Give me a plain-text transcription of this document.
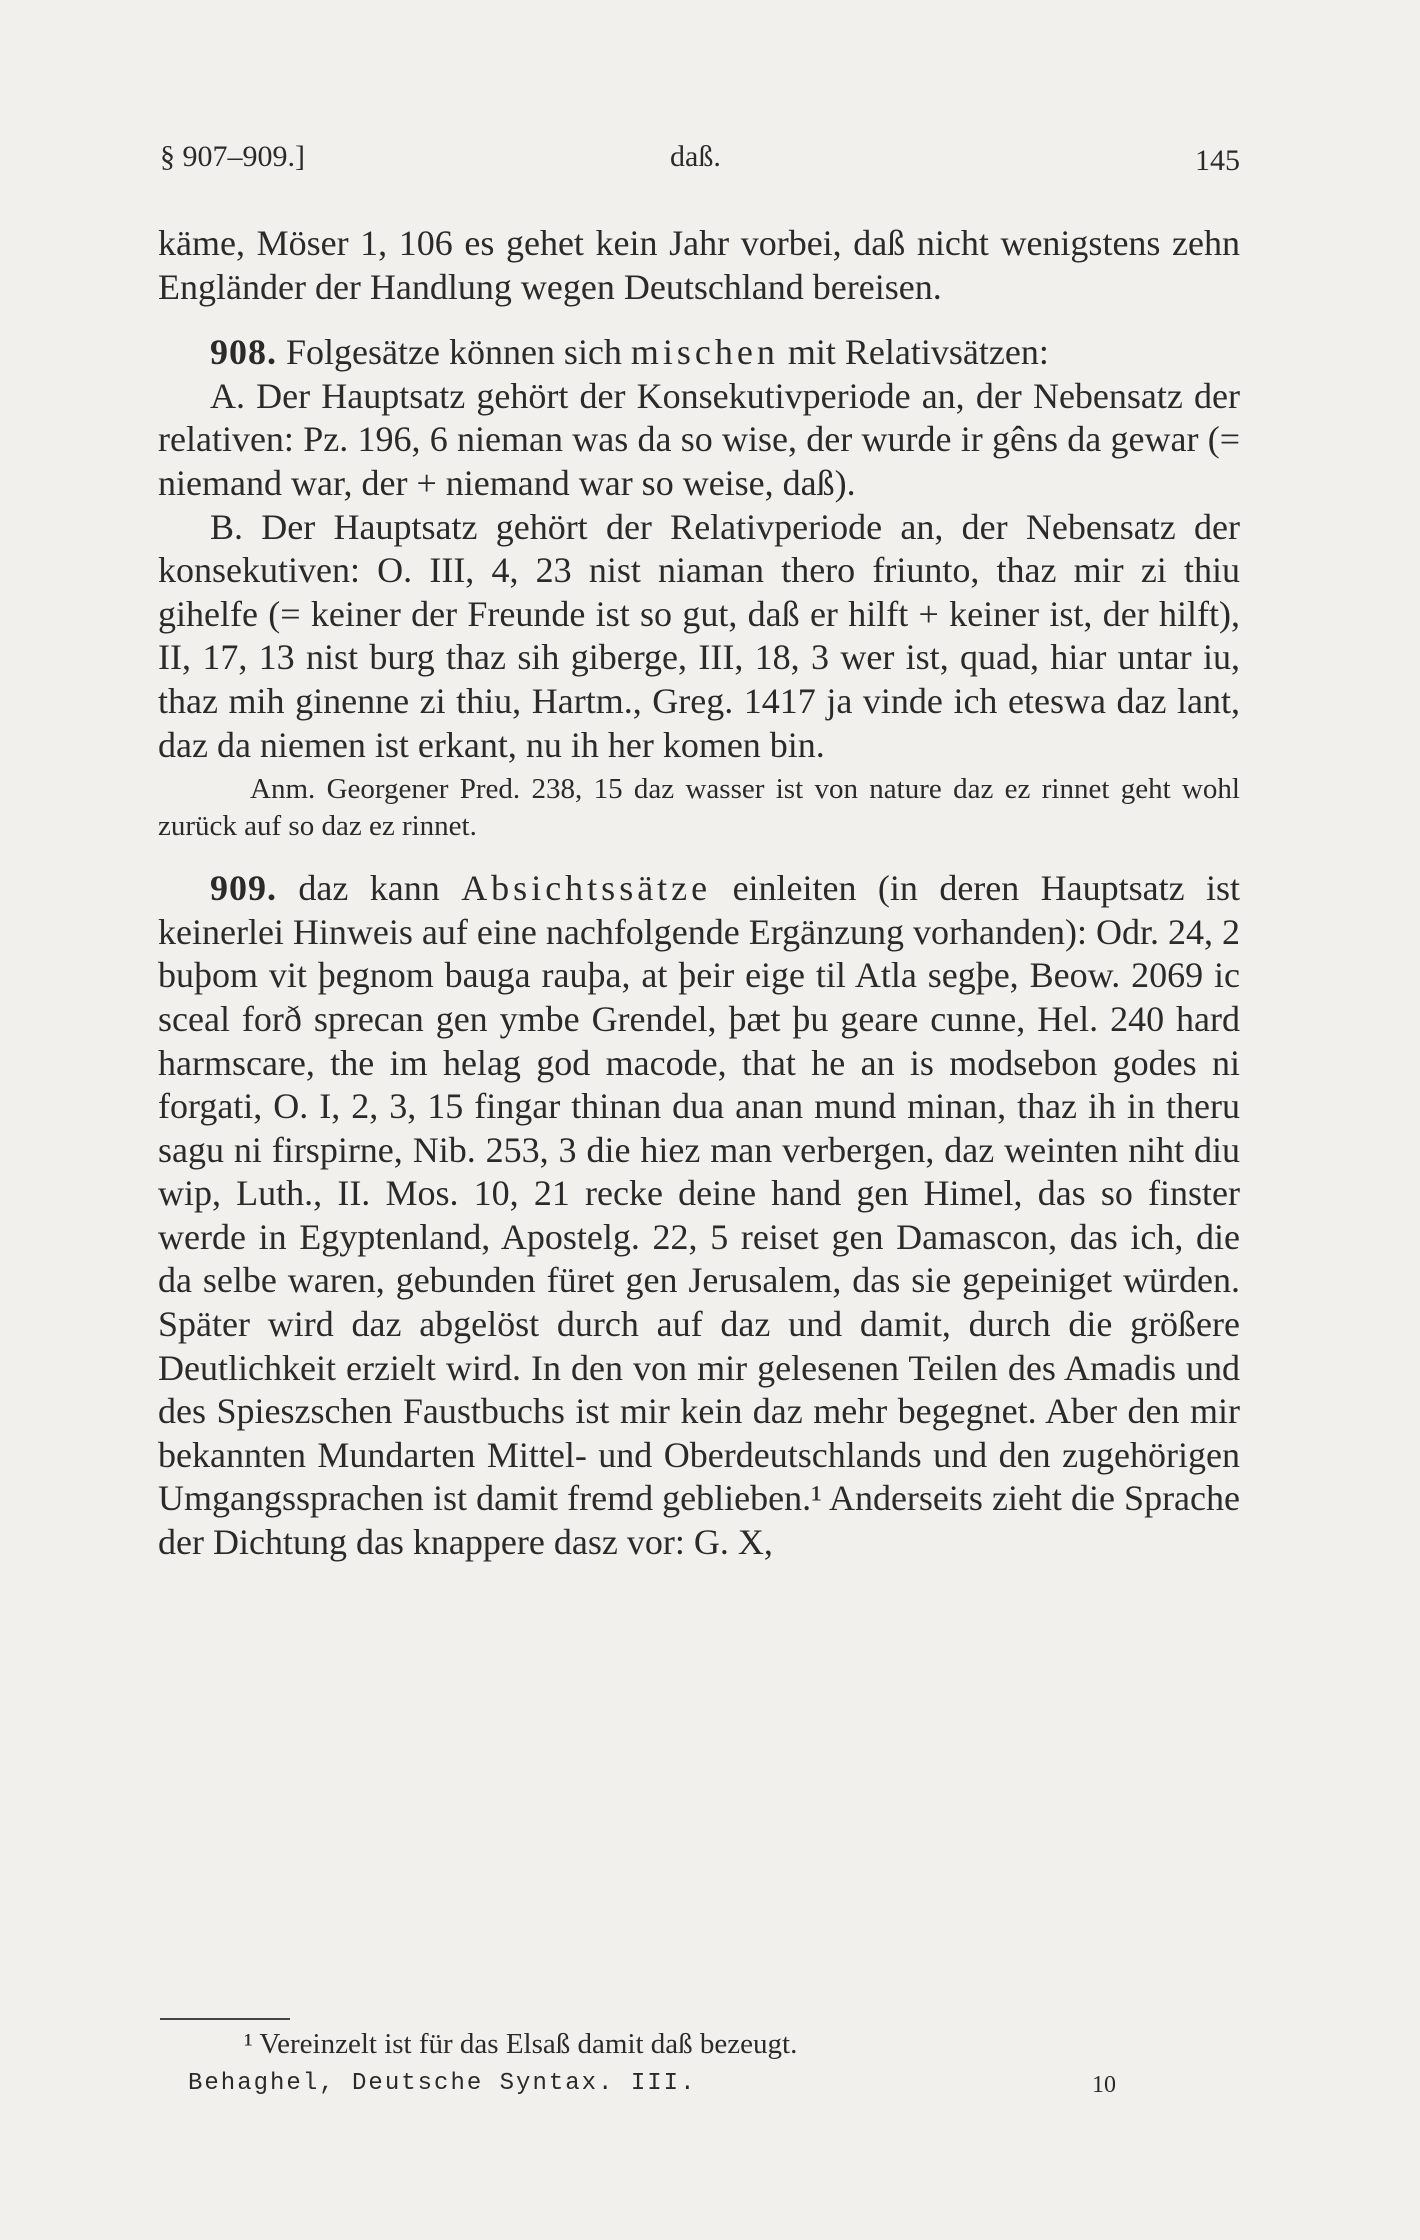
§ 907–909.]	daß.	145

käme, Möser 1, 106 es gehet kein Jahr vorbei, daß nicht wenigstens zehn Engländer der Handlung wegen Deutschland bereisen.

908. Folgesätze können sich mischen mit Relativsätzen:

A. Der Hauptsatz gehört der Konsekutivperiode an, der Nebensatz der relativen: Pz. 196, 6 nieman was da so wise, der wurde ir gêns da gewar (= niemand war, der + niemand war so weise, daß).

B. Der Hauptsatz gehört der Relativperiode an, der Nebensatz der konsekutiven: O. III, 4, 23 nist niaman thero friunto, thaz mir zi thiu gihelfe (= keiner der Freunde ist so gut, daß er hilft + keiner ist, der hilft), II, 17, 13 nist burg thaz sih giberge, III, 18, 3 wer ist, quad, hiar untar iu, thaz mih ginenne zi thiu, Hartm., Greg. 1417 ja vinde ich eteswa daz lant, daz da niemen ist erkant, nu ih her komen bin.

Anm. Georgener Pred. 238, 15 daz wasser ist von nature daz ez rinnet geht wohl zurück auf so daz ez rinnet.

909. daz kann Absichtssätze einleiten (in deren Hauptsatz ist keinerlei Hinweis auf eine nachfolgende Ergänzung vorhanden): Odr. 24, 2 buþom vit þegnom bauga rauþa, at þeir eige til Atla segþe, Beow. 2069 ic sceal forð sprecan gen ymbe Grendel, þæt þu geare cunne, Hel. 240 hard harmscare, the im helag god macode, that he an is modsebon godes ni forgati, O. I, 2, 3, 15 fingar thinan dua anan mund minan, thaz ih in theru sagu ni firspirne, Nib. 253, 3 die hiez man verbergen, daz weinten niht diu wip, Luth., II. Mos. 10, 21 recke deine hand gen Himel, das so finster werde in Egyptenland, Apostelg. 22, 5 reiset gen Damascon, das ich, die da selbe waren, gebunden füret gen Jerusalem, das sie gepeiniget würden. Später wird daz abgelöst durch auf daz und damit, durch die größere Deutlichkeit erzielt wird. In den von mir gelesenen Teilen des Amadis und des Spieszschen Faustbuchs ist mir kein daz mehr begegnet. Aber den mir bekannten Mundarten Mittel- und Oberdeutschlands und den zugehörigen Umgangssprachen ist damit fremd geblieben.¹ Anderseits zieht die Sprache der Dichtung das knappere dasz vor: G. X,

¹ Vereinzelt ist für das Elsaß damit daß bezeugt.
Behaghel, Deutsche Syntax. III.	10
